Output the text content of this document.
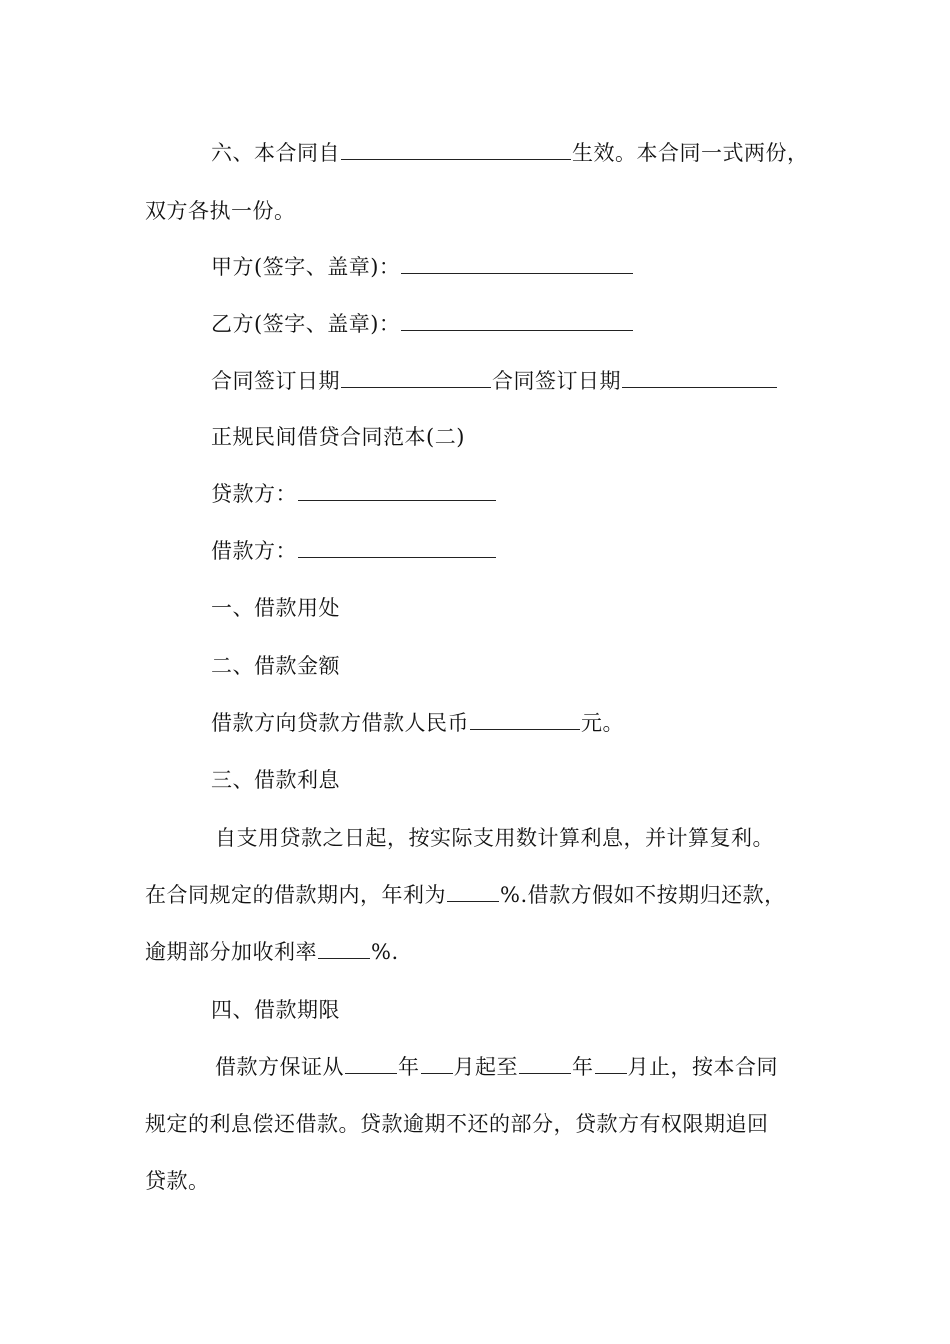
六、本合同自	生效。本合同一式两份，
双方各执一份。
甲方(签字、盖章)：
乙方(签字、盖章)：
合同签订日期	合同签订日期
正规民间借贷合同范本(二)
贷款方：
借款方：
一、借款用处
二、借款金额
借款方向贷款方借款人民币	元。
三、借款利息
自支用贷款之日起，按实际支用数计算利息，并计算复利。
在合同规定的借款期内，年利为	%.借款方假如不按期归还款，
逾期部分加收利率	%.
四、借款期限
借款方保证从	年 月起至	年 月止，按本合同
规定的利息偿还借款。贷款逾期不还的部分，贷款方有权限期追回
贷款。
